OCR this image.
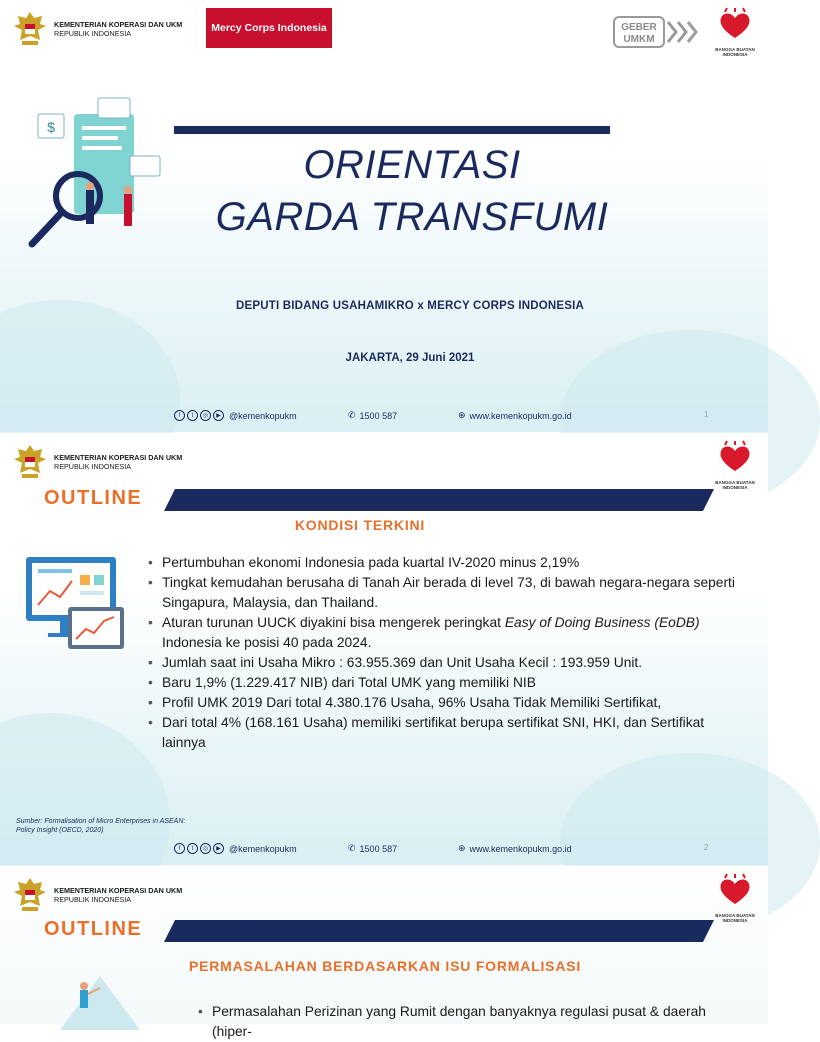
KEMENTERIAN KOPERASI DAN UKM
REPUBLIK INDONESIA	Mercy Corps Indonesia	GEBER
UMKM
BANGGA BUATAN INDONESIA
$
ORIENTASI
GARDA TRANSFUMI
DEPUTI BIDANG USAHAMIKRO x MERCY CORPS INDONESIA
JAKARTA, 29 Juni 2021
f	t	◎	▶ @kemenkopukm	✆ 1500 587	⊕ www.kemenkopukm.go.id	1
KEMENTERIAN KOPERASI DAN UKM
REPUBLIK INDONESIA
BANGGA BUATAN INDONESIA
OUTLINE
KONDISI TERKINI
• Pertumbuhan ekonomi Indonesia pada kuartal IV-2020 minus 2,19%
• Tingkat kemudahan berusaha di Tanah Air berada di level 73, di bawah negara-negara seperti Singapura, Malaysia, dan Thailand.
• Aturan turunan UUCK diyakini bisa mengerek peringkat Easy of Doing Business (EoDB) Indonesia ke posisi 40 pada 2024.
• Jumlah saat ini Usaha Mikro : 63.955.369 dan Unit Usaha Kecil : 193.959 Unit.
• Baru 1,9% (1.229.417 NIB) dari Total UMK yang memiliki NIB
• Profil UMK 2019 Dari total 4.380.176 Usaha, 96% Usaha Tidak Memiliki Sertifikat,
• Dari total 4% (168.161 Usaha) memiliki sertifikat berupa sertifikat SNI, HKI, dan Sertifikat lainnya
Sumber: Formalisation of Micro Enterprises in ASEAN:
Policy Insight (OECD, 2020)
f	t	◎	▶ @kemenkopukm	✆ 1500 587	⊕ www.kemenkopukm.go.id	2
KEMENTERIAN KOPERASI DAN UKM
REPUBLIK INDONESIA
BANGGA BUATAN INDONESIA
OUTLINE
PERMASALAHAN BERDASARKAN ISU FORMALISASI
• Permasalahan Perizinan yang Rumit dengan banyaknya regulasi pusat & daerah (hiper-
